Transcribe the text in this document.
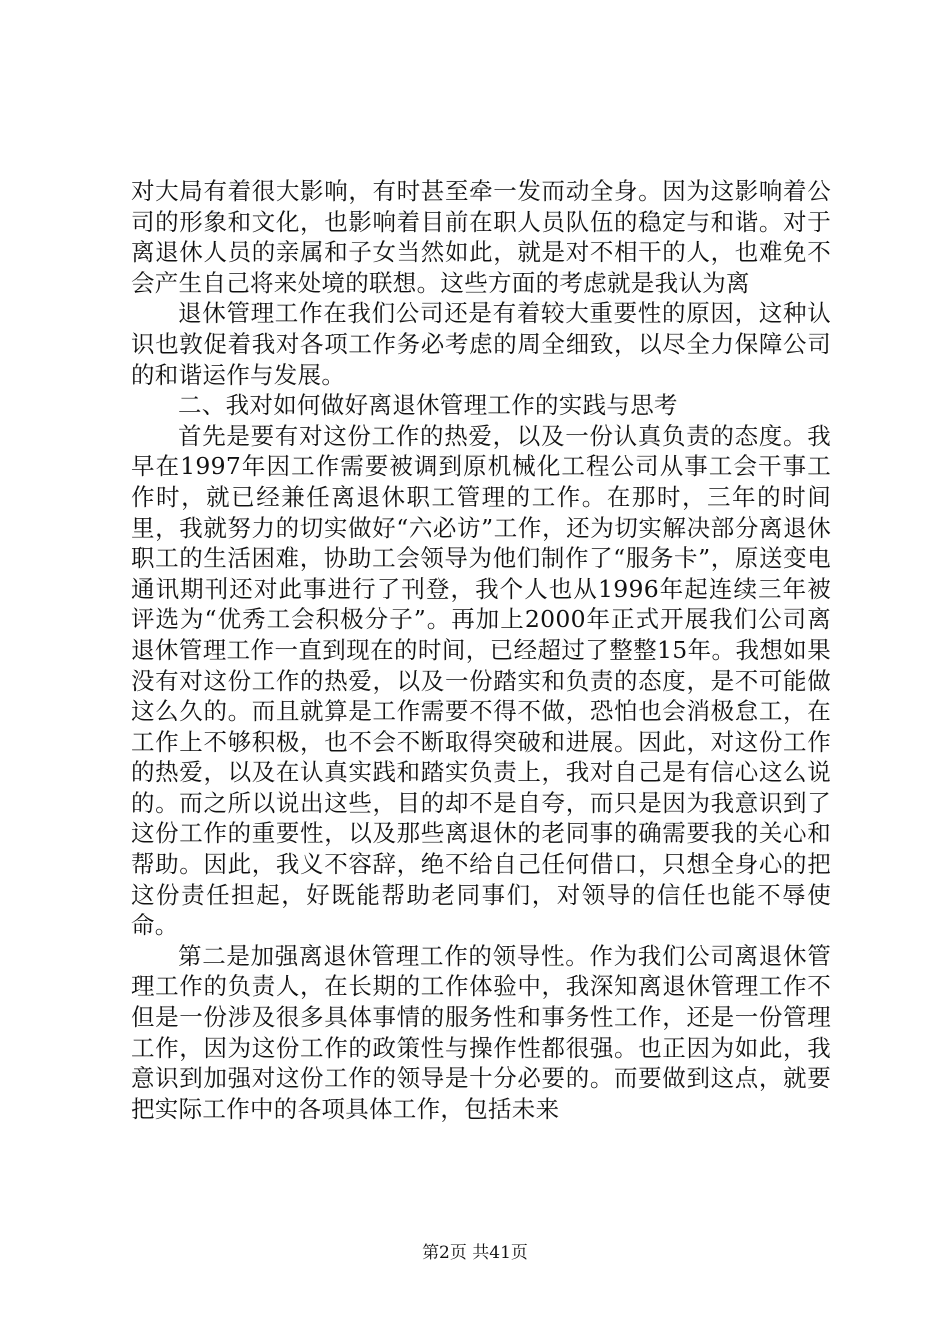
对大局有着很大影响，有时甚至牵一发而动全身。因为这影响着公司的形象和文化，也影响着目前在职人员队伍的稳定与和谐。对于离退休人员的亲属和子女当然如此，就是对不相干的人，也难免不会产生自己将来处境的联想。这些方面的考虑就是我认为离

退休管理工作在我们公司还是有着较大重要性的原因，这种认识也敦促着我对各项工作务必考虑的周全细致，以尽全力保障公司的和谐运作与发展。

二、我对如何做好离退休管理工作的实践与思考

首先是要有对这份工作的热爱，以及一份认真负责的态度。我早在1997年因工作需要被调到原机械化工程公司从事工会干事工作时，就已经兼任离退休职工管理的工作。在那时，三年的时间里，我就努力的切实做好“六必访”工作，还为切实解决部分离退休职工的生活困难，协助工会领导为他们制作了“服务卡”，原送变电通讯期刊还对此事进行了刊登，我个人也从1996年起连续三年被评选为“优秀工会积极分子”。再加上2000年正式开展我们公司离退休管理工作一直到现在的时间，已经超过了整整15年。我想如果没有对这份工作的热爱，以及一份踏实和负责的态度，是不可能做这么久的。而且就算是工作需要不得不做，恐怕也会消极怠工，在工作上不够积极，也不会不断取得突破和进展。因此，对这份工作的热爱，以及在认真实践和踏实负责上，我对自己是有信心这么说的。而之所以说出这些，目的却不是自夸，而只是因为我意识到了这份工作的重要性，以及那些离退休的老同事的确需要我的关心和帮助。因此，我义不容辞，绝不给自己任何借口，只想全身心的把这份责任担起，好既能帮助老同事们，对领导的信任也能不辱使命。

第二是加强离退休管理工作的领导性。作为我们公司离退休管理工作的负责人，在长期的工作体验中，我深知离退休管理工作不但是一份涉及很多具体事情的服务性和事务性工作，还是一份管理工作，因为这份工作的政策性与操作性都很强。也正因为如此，我意识到加强对这份工作的领导是十分必要的。而要做到这点，就要把实际工作中的各项具体工作，包括未来

第2页 共41页
